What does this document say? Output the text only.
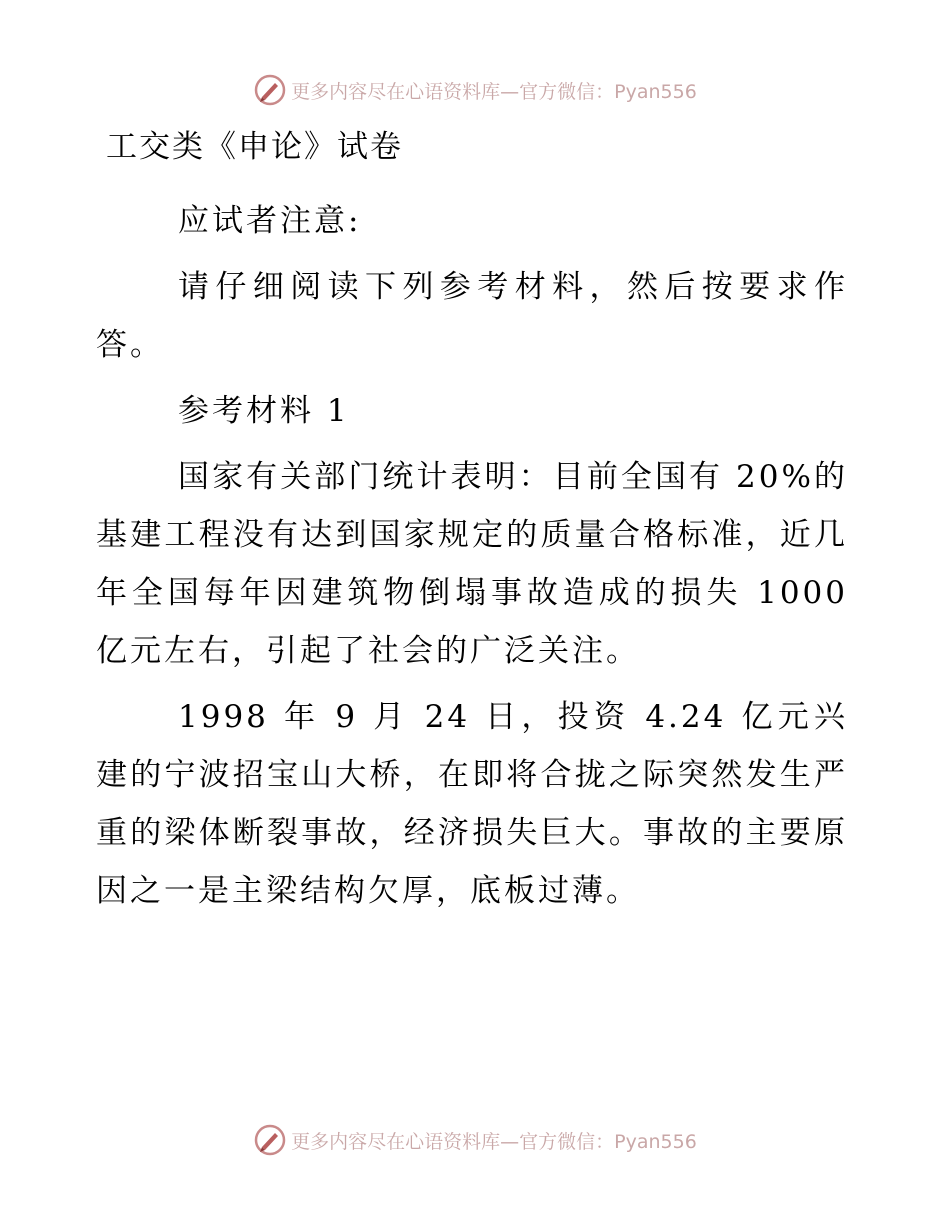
更多内容尽在心语资料库—官方微信：Pyan556
工交类《申论》试卷

应试者注意:

请仔细阅读下列参考材料，然后按要求作答。

参考材料 1

国家有关部门统计表明：目前全国有 20%的基建工程没有达到国家规定的质量合格标准，近几年全国每年因建筑物倒塌事故造成的损失 1000 亿元左右，引起了社会的广泛关注。

1998 年 9 月 24 日，投资 4.24 亿元兴建的宁波招宝山大桥，在即将合拢之际突然发生严重的梁体断裂事故，经济损失巨大。事故的主要原因之一是主梁结构欠厚，底板过薄。

更多内容尽在心语资料库—官方微信：Pyan556
